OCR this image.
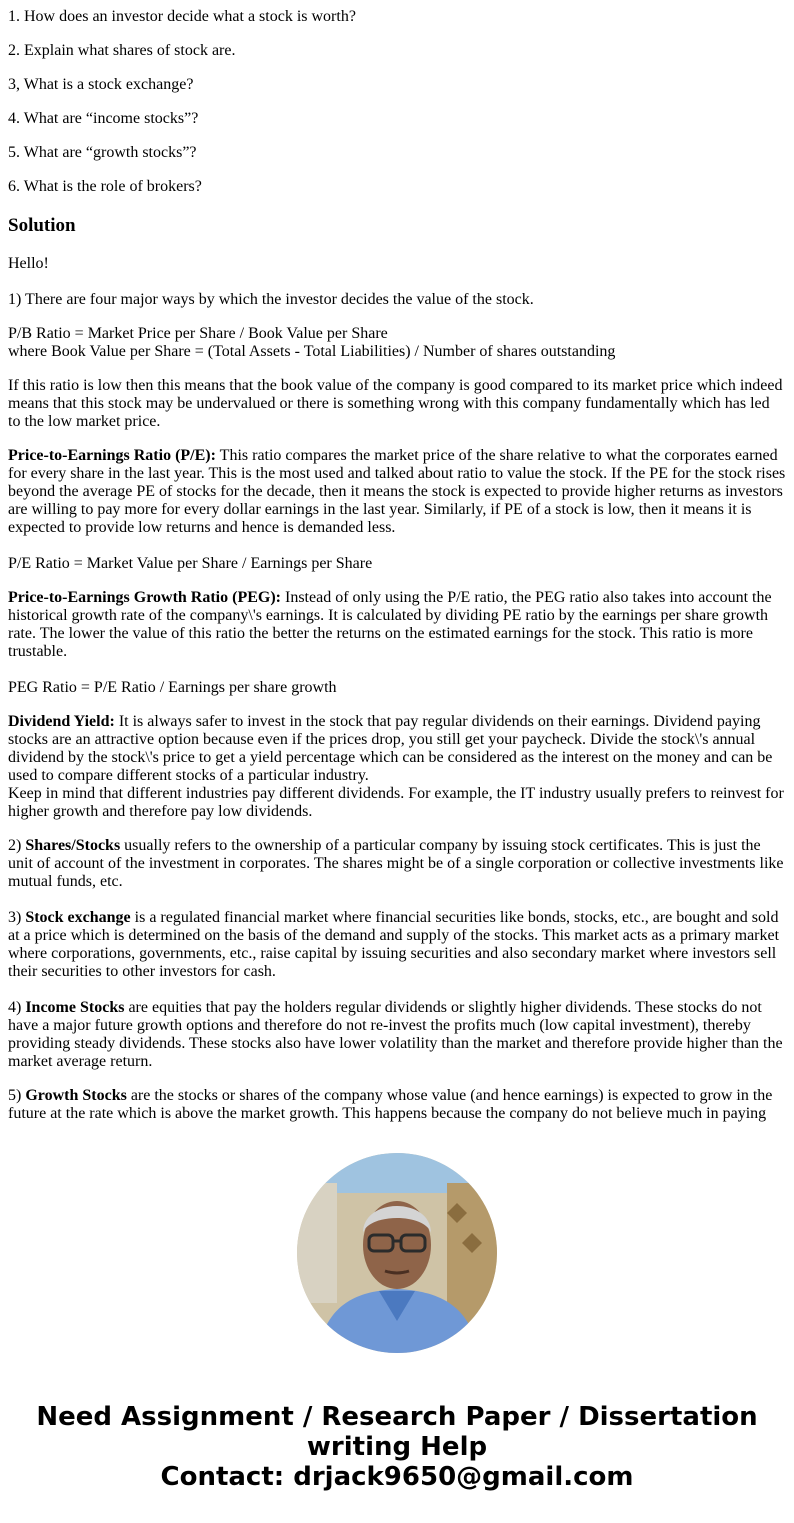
1. How does an investor decide what a stock is worth?

2. Explain what shares of stock are.

3, What is a stock exchange?

4. What are “income stocks”?

5. What are “growth stocks”?

6. What is the role of brokers?

Solution

Hello!

1) There are four major ways by which the investor decides the value of the stock.

P/B Ratio = Market Price per Share / Book Value per Share
where Book Value per Share = (Total Assets - Total Liabilities) / Number of shares outstanding

If this ratio is low then this means that the book value of the company is good compared to its market price which indeed means that this stock may be undervalued or there is something wrong with this company fundamentally which has led to the low market price.

Price-to-Earnings Ratio (P/E): This ratio compares the market price of the share relative to what the corporates earned for every share in the last year. This is the most used and talked about ratio to value the stock. If the PE for the stock rises beyond the average PE of stocks for the decade, then it means the stock is expected to provide higher returns as investors are willing to pay more for every dollar earnings in the last year. Similarly, if PE of a stock is low, then it means it is expected to provide low returns and hence is demanded less.

P/E Ratio = Market Value per Share / Earnings per Share

Price-to-Earnings Growth Ratio (PEG): Instead of only using the P/E ratio, the PEG ratio also takes into account the historical growth rate of the company\'s earnings. It is calculated by dividing PE ratio by the earnings per share growth rate. The lower the value of this ratio the better the returns on the estimated earnings for the stock. This ratio is more trustable.

PEG Ratio = P/E Ratio / Earnings per share growth

Dividend Yield: It is always safer to invest in the stock that pay regular dividends on their earnings. Dividend paying stocks are an attractive option because even if the prices drop, you still get your paycheck. Divide the stock\'s annual dividend by the stock\'s price to get a yield percentage which can be considered as the interest on the money and can be used to compare different stocks of a particular industry.
Keep in mind that different industries pay different dividends. For example, the IT industry usually prefers to reinvest for higher growth and therefore pay low dividends.

2) Shares/Stocks usually refers to the ownership of a particular company by issuing stock certificates. This is just the unit of account of the investment in corporates. The shares might be of a single corporation or collective investments like mutual funds, etc.

3) Stock exchange is a regulated financial market where financial securities like bonds, stocks, etc., are bought and sold at a price which is determined on the basis of the demand and supply of the stocks. This market acts as a primary market where corporations, governments, etc., raise capital by issuing securities and also secondary market where investors sell their securities to other investors for cash.

4) Income Stocks are equities that pay the holders regular dividends or slightly higher dividends. These stocks do not have a major future growth options and therefore do not re-invest the profits much (low capital investment), thereby providing steady dividends. These stocks also have lower volatility than the market and therefore provide higher than the market average return.

5) Growth Stocks are the stocks or shares of the company whose value (and hence earnings) is expected to grow in the future at the rate which is above the market growth. This happens because the company do not believe much in paying

Need Assignment / Research Paper / Dissertation
writing Help
Contact: drjack9650@gmail.com
